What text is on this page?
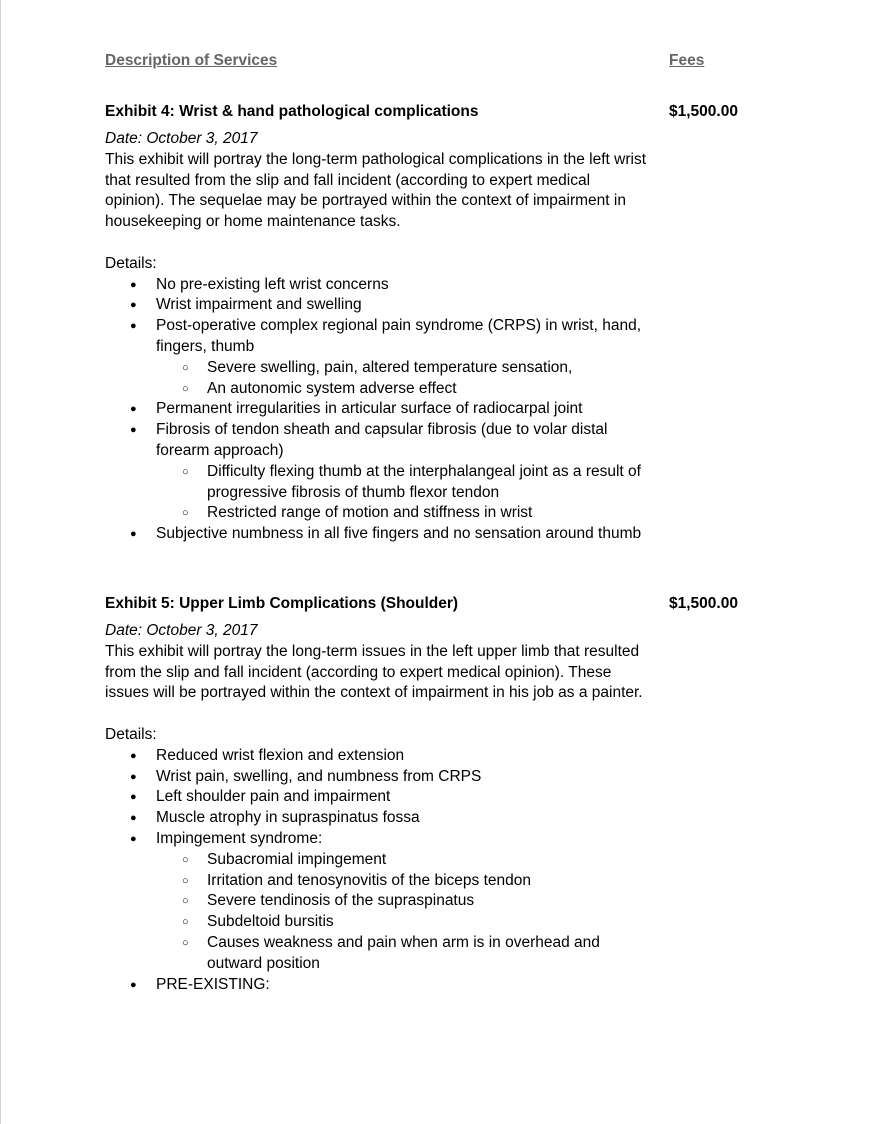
Description of Services	Fees
Exhibit 4: Wrist & hand pathological complications	$1,500.00
Date: October 3, 2017
This exhibit will portray the long-term pathological complications in the left wrist that resulted from the slip and fall incident (according to expert medical opinion). The sequelae may be portrayed within the context of impairment in housekeeping or home maintenance tasks.
Details:
● No pre-existing left wrist concerns
● Wrist impairment and swelling
● Post-operative complex regional pain syndrome (CRPS) in wrist, hand, fingers, thumb
○ Severe swelling, pain, altered temperature sensation,
○ An autonomic system adverse effect
● Permanent irregularities in articular surface of radiocarpal joint
● Fibrosis of tendon sheath and capsular fibrosis (due to volar distal forearm approach)
○ Difficulty flexing thumb at the interphalangeal joint as a result of progressive fibrosis of thumb flexor tendon
○ Restricted range of motion and stiffness in wrist
● Subjective numbness in all five fingers and no sensation around thumb
Exhibit 5: Upper Limb Complications (Shoulder)	$1,500.00
Date: October 3, 2017
This exhibit will portray the long-term issues in the left upper limb that resulted from the slip and fall incident (according to expert medical opinion). These issues will be portrayed within the context of impairment in his job as a painter.
Details:
● Reduced wrist flexion and extension
● Wrist pain, swelling, and numbness from CRPS
● Left shoulder pain and impairment
● Muscle atrophy in supraspinatus fossa
● Impingement syndrome:
○ Subacromial impingement
○ Irritation and tenosynovitis of the biceps tendon
○ Severe tendinosis of the supraspinatus
○ Subdeltoid bursitis
○ Causes weakness and pain when arm is in overhead and outward position
● PRE-EXISTING:
